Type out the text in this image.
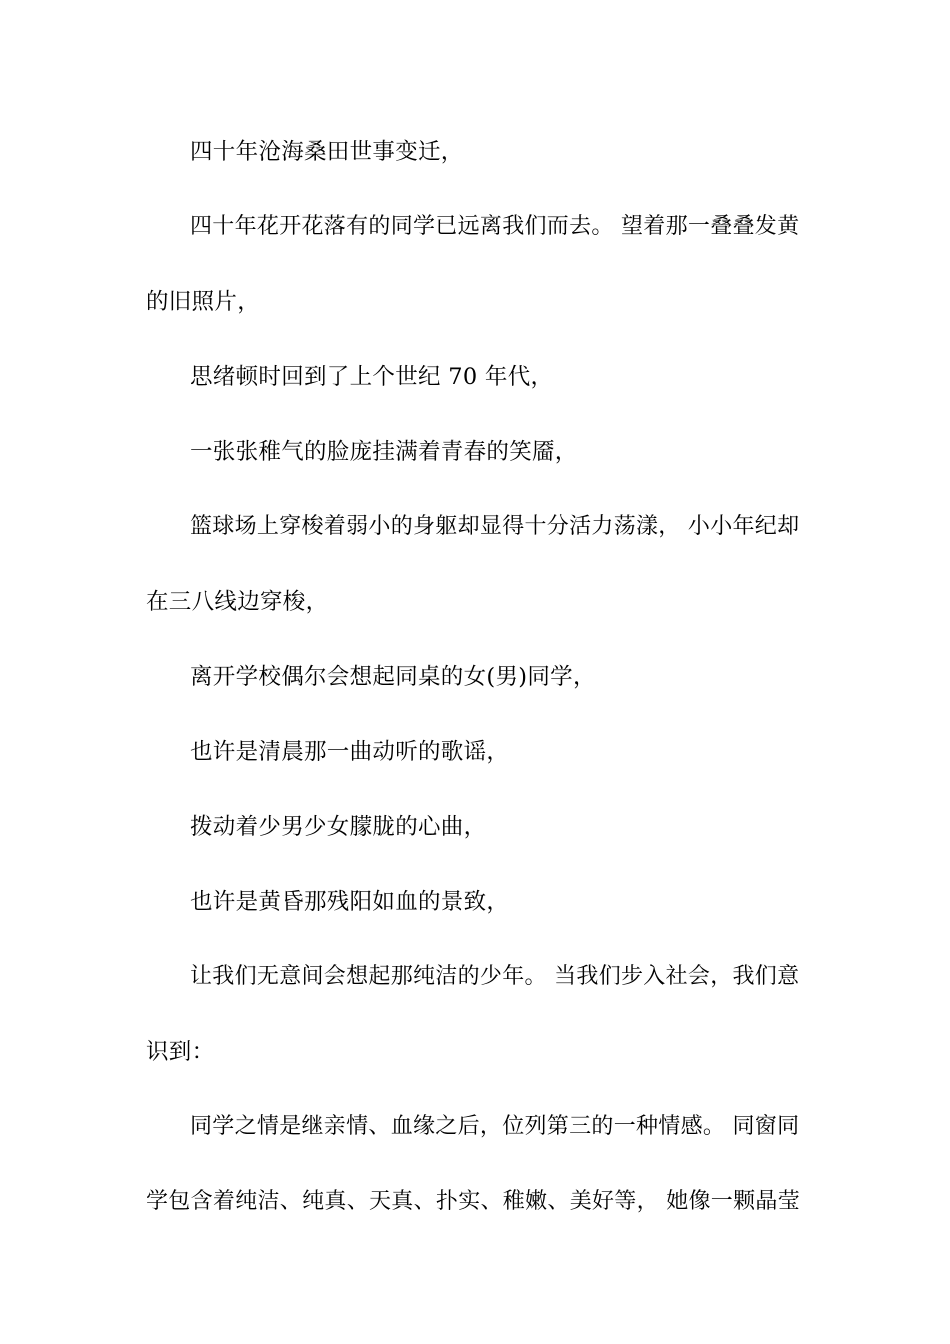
四十年沧海桑田世事变迁，
四十年花开花落有的同学已远离我们而去。 望着那一叠叠发黄
的旧照片，
思绪顿时回到了上个世纪 70 年代，
一张张稚气的脸庞挂满着青春的笑靥，
篮球场上穿梭着弱小的身躯却显得十分活力荡漾， 小小年纪却
在三八线边穿梭，
离开学校偶尔会想起同桌的女(男)同学，
也许是清晨那一曲动听的歌谣，
拨动着少男少女朦胧的心曲，
也许是黄昏那残阳如血的景致，
让我们无意间会想起那纯洁的少年。 当我们步入社会，我们意
识到：
同学之情是继亲情、血缘之后，位列第三的一种情感。 同窗同
学包含着纯洁、纯真、天真、扑实、稚嫩、美好等， 她像一颗晶莹
